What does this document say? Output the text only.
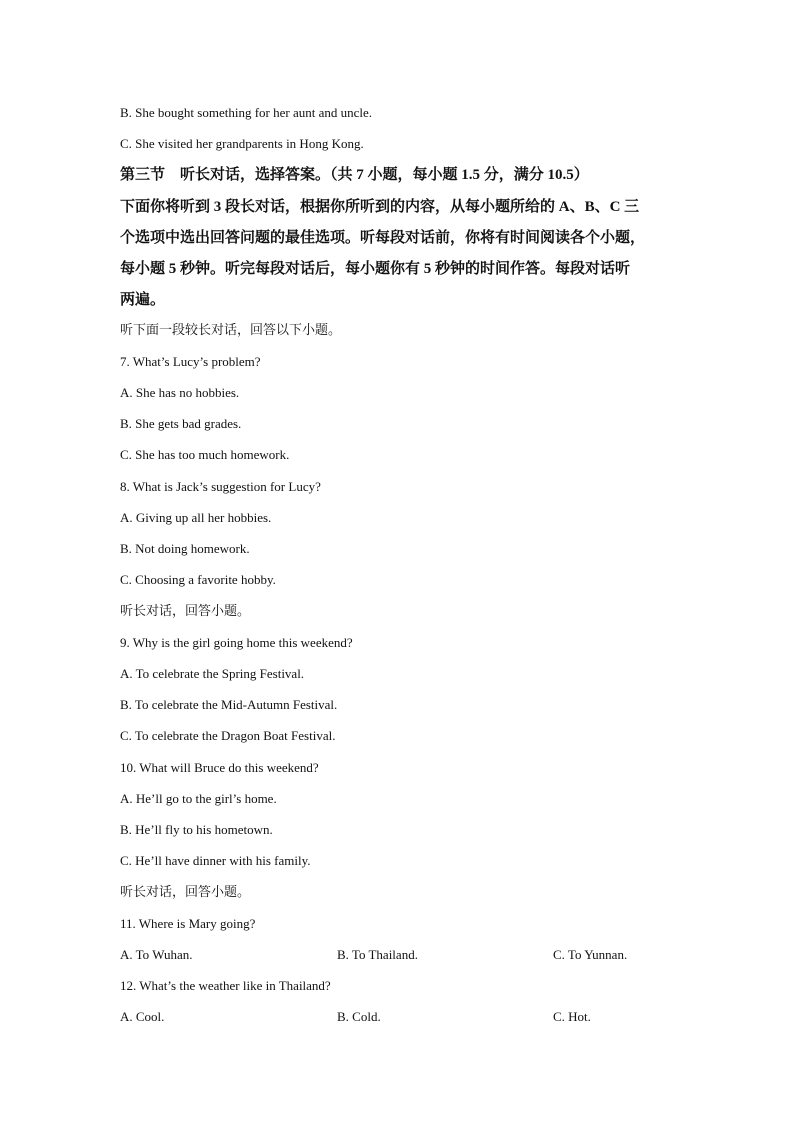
B. She bought something for her aunt and uncle.
C. She visited her grandparents in Hong Kong.
第三节　听长对话，选择答案。（共 7 小题，每小题 1.5 分，满分 10.5）
下面你将听到 3 段长对话，根据你所听到的内容，从每小题所给的 A、B、C 三
个选项中选出回答问题的最佳选项。听每段对话前，你将有时间阅读各个小题，
每小题 5 秒钟。听完每段对话后，每小题你有 5 秒钟的时间作答。每段对话听
两遍。
听下面一段较长对话，回答以下小题。
7. What’s Lucy’s problem?
A. She has no hobbies.
B. She gets bad grades.
C. She has too much homework.
8. What is Jack’s suggestion for Lucy?
A. Giving up all her hobbies.
B. Not doing homework.
C. Choosing a favorite hobby.
听长对话，回答小题。
9. Why is the girl going home this weekend?
A. To celebrate the Spring Festival.
B. To celebrate the Mid-Autumn Festival.
C. To celebrate the Dragon Boat Festival.
10. What will Bruce do this weekend?
A. He’ll go to the girl’s home.
B. He’ll fly to his hometown.
C. He’ll have dinner with his family.
听长对话，回答小题。
11. Where is Mary going?
A. To Wuhan.	B. To Thailand.	C. To Yunnan.
12. What’s the weather like in Thailand?
A. Cool.	B. Cold.	C. Hot.
